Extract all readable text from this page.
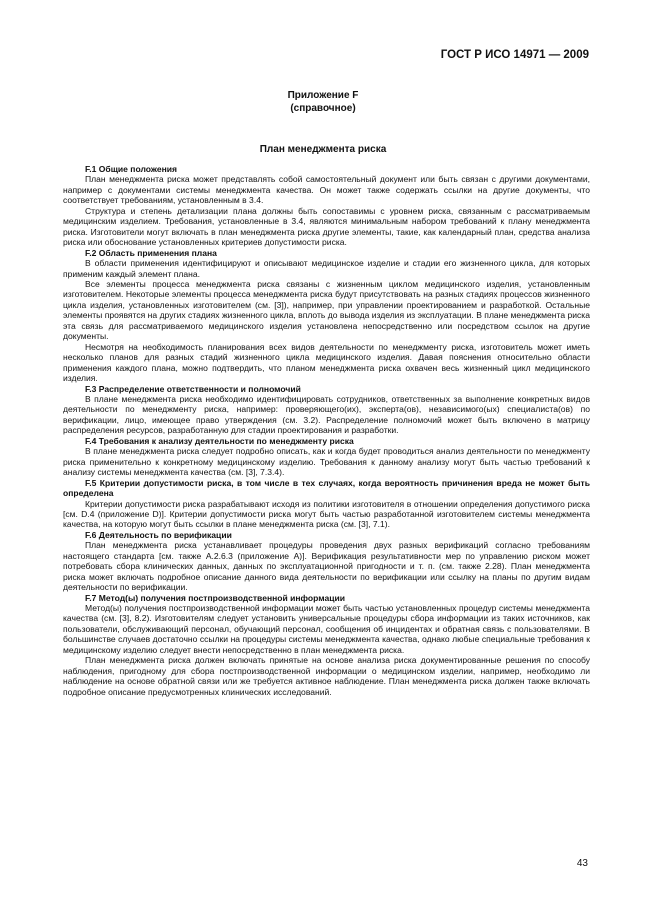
ГОСТ Р ИСО 14971 — 2009
Приложение F
(справочное)
План менеджмента риска
F.1 Общие положения

План менеджмента риска может представлять собой самостоятельный документ или быть связан с другими документами, например с документами системы менеджмента качества. Он может также содержать ссылки на другие документы, что соответствует требованиям, установленным в 3.4.

Структура и степень детализации плана должны быть сопоставимы с уровнем риска, связанным с рассматриваемым медицинским изделием. Требования, установленные в 3.4, являются минимальным набором требований к плану менеджмента риска. Изготовители могут включать в план менеджмента риска другие элементы, такие, как календарный план, средства анализа риска или обоснование установленных критериев допустимости риска.

F.2 Область применения плана

В области применения идентифицируют и описывают медицинское изделие и стадии его жизненного цикла, для которых применим каждый элемент плана.

Все элементы процесса менеджмента риска связаны с жизненным циклом медицинского изделия, установленным изготовителем. Некоторые элементы процесса менеджмента риска будут присутствовать на разных стадиях процессов жизненного цикла изделия, установленных изготовителем (см. [3]), например, при управлении проектированием и разработкой. Остальные элементы проявятся на других стадиях жизненного цикла, вплоть до вывода изделия из эксплуатации. В плане менеджмента риска эта связь для рассматриваемого медицинского изделия установлена непосредственно или посредством ссылок на другие документы.

Несмотря на необходимость планирования всех видов деятельности по менеджменту риска, изготовитель может иметь несколько планов для разных стадий жизненного цикла медицинского изделия. Давая пояснения относительно области применения каждого плана, можно подтвердить, что планом менеджмента риска охвачен весь жизненный цикл медицинского изделия.

F.3 Распределение ответственности и полномочий

В плане менеджмента риска необходимо идентифицировать сотрудников, ответственных за выполнение конкретных видов деятельности по менеджменту риска, например: проверяющего(их), эксперта(ов), независимого(ых) специалиста(ов) по верификации, лицо, имеющее право утверждения (см. 3.2). Распределение полномочий может быть включено в матрицу распределения ресурсов, разработанную для стадии проектирования и разработки.

F.4 Требования к анализу деятельности по менеджменту риска

В плане менеджмента риска следует подробно описать, как и когда будет проводиться анализ деятельности по менеджменту риска применительно к конкретному медицинскому изделию. Требования к данному анализу могут быть частью требований к анализу системы менеджмента качества (см. [3], 7.3.4).

F.5 Критерии допустимости риска, в том числе в тех случаях, когда вероятность причинения вреда не может быть определена

Критерии допустимости риска разрабатывают исходя из политики изготовителя в отношении определения допустимого риска [см. D.4 (приложение D)]. Критерии допустимости риска могут быть частью разработанной изготовителем системы менеджмента качества, на которую могут быть ссылки в плане менеджмента риска (см. [3], 7.1).

F.6 Деятельность по верификации

План менеджмента риска устанавливает процедуры проведения двух разных верификаций согласно требованиям настоящего стандарта [см. также A.2.6.3 (приложение A)]. Верификация результативности мер по управлению риском может потребовать сбора клинических данных, данных по эксплуатационной пригодности и т. п. (см. также 2.28). План менеджмента риска может включать подробное описание данного вида деятельности по верификации или ссылку на планы по другим видам деятельности по верификации.

F.7 Метод(ы) получения постпроизводственной информации

Метод(ы) получения постпроизводственной информации может быть частью установленных процедур системы менеджмента качества (см. [3], 8.2). Изготовителям следует установить универсальные процедуры сбора информации из таких источников, как пользователи, обслуживающий персонал, обучающий персонал, сообщения об инцидентах и обратная связь с пользователями. В большинстве случаев достаточно ссылки на процедуры системы менеджмента качества, однако любые специальные требования к медицинскому изделию следует внести непосредственно в план менеджмента риска.

План менеджмента риска должен включать принятые на основе анализа риска документированные решения по способу наблюдения, пригодному для сбора постпроизводственной информации о медицинском изделии, например, необходимо ли наблюдение на основе обратной связи или же требуется активное наблюдение. План менеджмента риска должен также включать подробное описание предусмотренных клинических исследований.

43
